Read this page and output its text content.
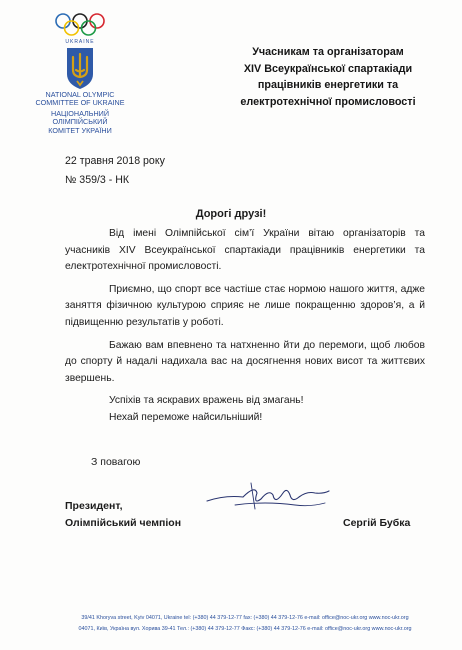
UKRAINE
NATIONAL OLYMPIC
COMMITTEE OF UKRAINE
НАЦІОНАЛЬНИЙ ОЛІМПІЙСЬКИЙ
КОМІТЕТ УКРАЇНИ
Учасникам та організаторам
XIV Всеукраїнської спартакіади
працівників енергетики та
електротехнічної промисловості
22 травня 2018 року
№ 359/3 - НК
Дорогі друзі!

Від імені Олімпійської сім’ї України вітаю організаторів та учасників XIV Всеукраїнської спартакіади працівників енергетики та електротехнічної промисловості.

Приємно, що спорт все частіше стає нормою нашого життя, адже заняття фізичною культурою сприяє не лише покращенню здоров’я, а й підвищенню результатів у роботі.

Бажаю вам впевнено та натхненно йти до перемоги, щоб любов до спорту й надалі надихала вас на досягнення нових висот та життєвих звершень.

Успіхів та яскравих вражень від змагань!

Нехай переможе найсильніший!

З повагою
Президент,
Олімпійський чемпіон	Сергій Бубка
39/41 Khoryva street, Kyiv 04071, Ukraine tel: (+380) 44 379-12-77 fax: (+380) 44 379-12-76 e-mail: office@noc-ukr.org www.noc-ukr.org
04071, Київ, Україна вул. Хорива 39-41 Тел.: (+380) 44 379-12-77 Факс: (+380) 44 379-12-76 e-mail: office@noc-ukr.org www.noc-ukr.org
